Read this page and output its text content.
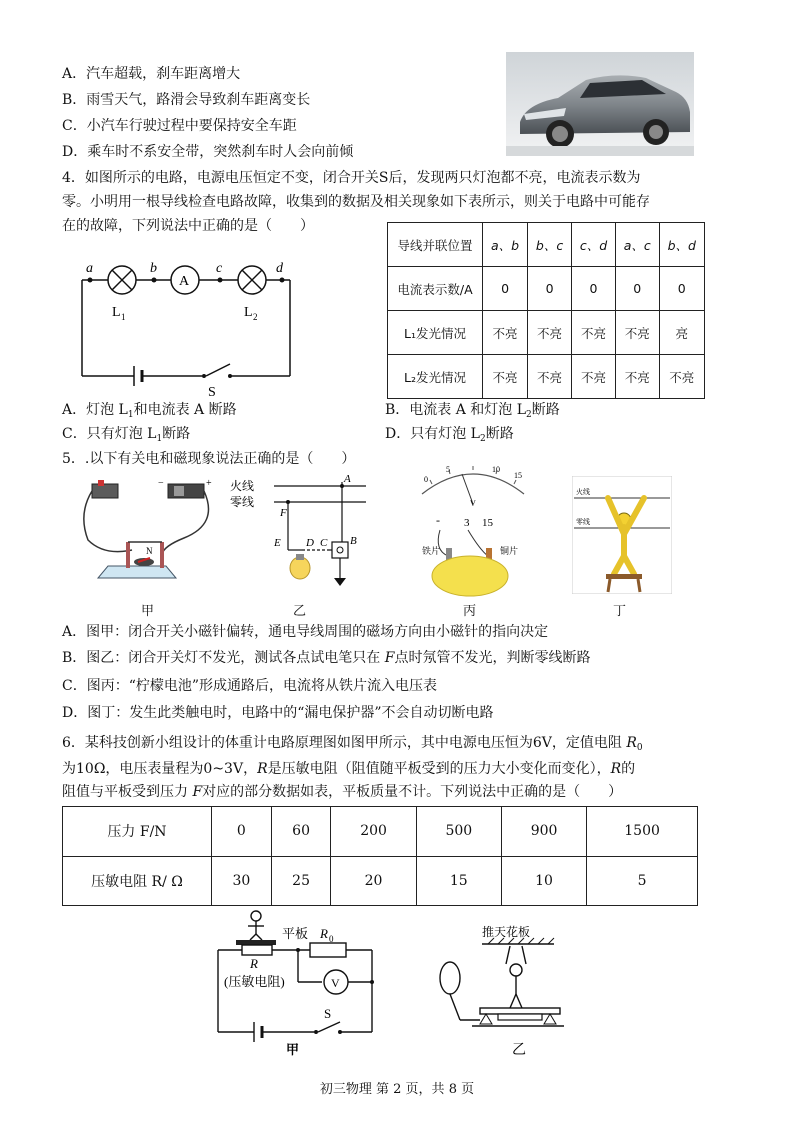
A．汽车超载，刹车距离增大
B．雨雪天气，路滑会导致刹车距离变长
C．小汽车行驶过程中要保持安全车距
D．乘车时不系安全带，突然刹车时人会向前倾
4．如图所示的电路，电源电压恒定不变，闭合开关S后，发现两只灯泡都不亮，电流表示数为
零。小明用一根导线检查电路故障，收集到的数据及相关现象如下表所示，则关于电路中可能存
在的故障，下列说法中正确的是（　　）
a	b	c	d
A
L 1	L 2
S
导线并联位置	a、b	b、c	c、d	a、c	b、d
电流表示数/A	0	0	0	0	0
L₁发光情况	不亮	不亮	不亮	不亮	亮
L₂发光情况	不亮	不亮	不亮	不亮	不亮
A．灯泡 $L_1$和电流表 A 断路	B．电流表 A 和灯泡 $L_2$断路
C．只有灯泡 $L_1$断路	D．只有灯泡 $L_2$断路
5．.以下有关电和磁现象说法正确的是（　　）
−	+
N
火线
零线
A
B
C
D
E
F
0
5	10
15
V
- 3 15
铁片	铜片
火线
零线
甲	乙	丙	丁
A．图甲：闭合开关小磁针偏转，通电导线周围的磁场方向由小磁针的指向决定
B．图乙：闭合开关灯不发光，测试各点试电笔只在 F点时氖管不发光，判断零线断路
C．图丙：“柠檬电池”形成通路后，电流将从铁片流入电压表
D．图丁：发生此类触电时，电路中的“漏电保护器”不会自动切断电路
6．某科技创新小组设计的体重计电路原理图如图甲所示，其中电源电压恒为6V，定值电阻 $R_0$
为10Ω，电压表量程为0~3V，R是压敏电阻（阻值随平板受到的压力大小变化而变化），R的
阻值与平板受到压力 F对应的部分数据如表，平板质量不计。下列说法中正确的是（　　）
压力 F/N	0	60	200	500	900	1500
压敏电阻 R/ Ω	30	25	20	15	10	5
平板 R 0
R
(压敏电阻)	V
S
甲
推天花板
乙
初三物理 第 2 页，共 8 页
